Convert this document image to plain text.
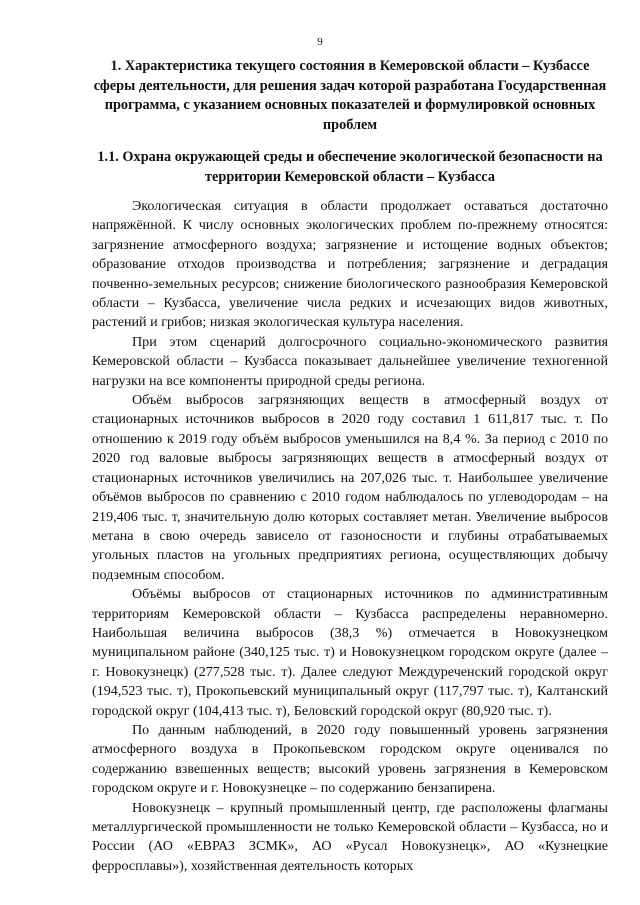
9
1. Характеристика текущего состояния в Кемеровской области – Кузбассе сферы деятельности, для решения задач которой разработана Государственная программа, с указанием основных показателей и формулировкой основных проблем
1.1. Охрана окружающей среды и обеспечение экологической безопасности на территории Кемеровской области – Кузбасса

Экологическая ситуация в области продолжает оставаться достаточно напряжённой. К числу основных экологических проблем по-прежнему относятся: загрязнение атмосферного воздуха; загрязнение и истощение водных объектов; образование отходов производства и потребления; загрязнение и деградация почвенно-земельных ресурсов; снижение биологического разнообразия Кемеровской области – Кузбасса, увеличение числа редких и исчезающих видов животных, растений и грибов; низкая экологическая культура населения.

При этом сценарий долгосрочного социально-экономического развития Кемеровской области – Кузбасса показывает дальнейшее увеличение техногенной нагрузки на все компоненты природной среды региона.

Объём выбросов загрязняющих веществ в атмосферный воздух от стационарных источников выбросов в 2020 году составил 1 611,817 тыс. т. По отношению к 2019 году объём выбросов уменьшился на 8,4 %. За период с 2010 по 2020 год валовые выбросы загрязняющих веществ в атмосферный воздух от стационарных источников увеличились на 207,026 тыс. т. Наибольшее увеличение объёмов выбросов по сравнению с 2010 годом наблюдалось по углеводородам – на 219,406 тыс. т, значительную долю которых составляет метан. Увеличение выбросов метана в свою очередь зависело от газоносности и глубины отрабатываемых угольных пластов на угольных предприятиях региона, осуществляющих добычу подземным способом.

Объёмы выбросов от стационарных источников по административным территориям Кемеровской области – Кузбасса распределены неравномерно. Наибольшая величина выбросов (38,3 %) отмечается в Новокузнецком муниципальном районе (340,125 тыс. т) и Новокузнецком городском округе (далее – г. Новокузнецк) (277,528 тыс. т). Далее следуют Междуреченский городской округ (194,523 тыс. т), Прокопьевский муниципальный округ (117,797 тыс. т), Калтанский городской округ (104,413 тыс. т), Беловский городской округ (80,920 тыс. т).

По данным наблюдений, в 2020 году повышенный уровень загрязнения атмосферного воздуха в Прокопьевском городском округе оценивался по содержанию взвешенных веществ; высокий уровень загрязнения в Кемеровском городском округе и г. Новокузнецке – по содержанию бензапирена.

Новокузнецк – крупный промышленный центр, где расположены флагманы металлургической промышленности не только Кемеровской области – Кузбасса, но и России (АО «ЕВРАЗ ЗСМК», АО «Русал Новокузнецк», АО «Кузнецкие ферросплавы»), хозяйственная деятельность которых
